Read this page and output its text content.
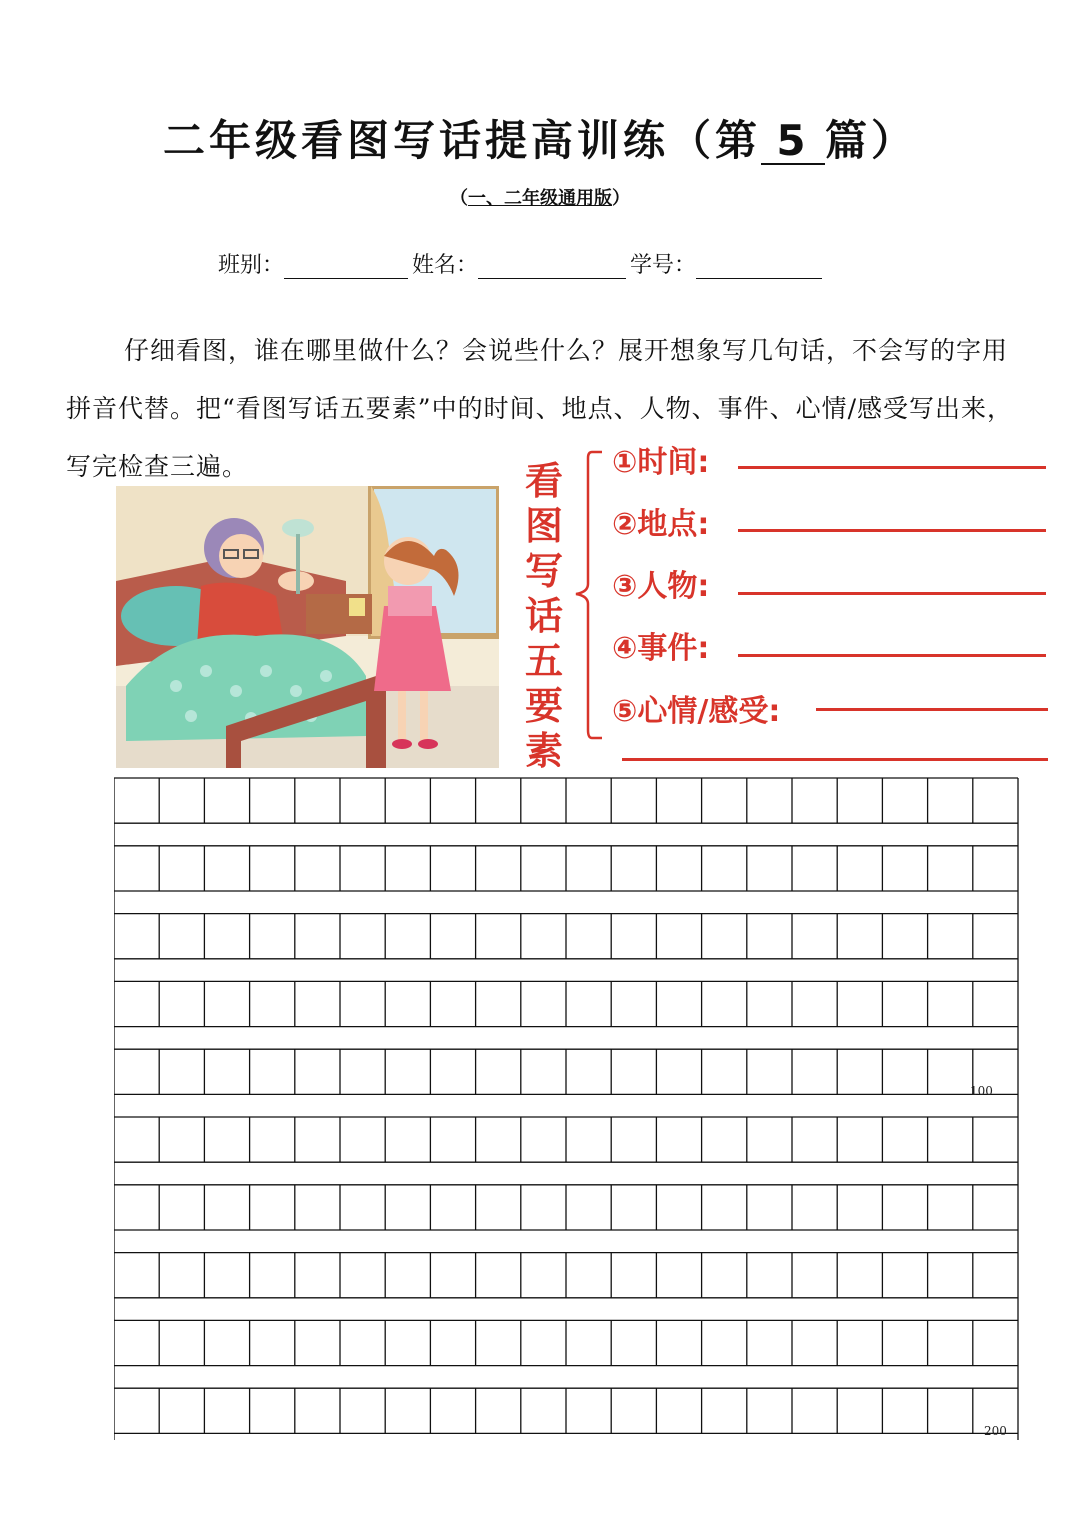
二年级看图写话提高训练（第 5 篇）
（一、二年级通用版）
班别：	姓名：	学号：
仔细看图，谁在哪里做什么？会说些什么？展开想象写几句话，不会写的字用拼音代替。把“看图写话五要素”中的时间、地点、人物、事件、心情/感受写出来，写完检查三遍。	看
图
写
话
五
要
素
①时间:
②地点:
③人物:
④事件:
⑤心情/感受:
100
200
